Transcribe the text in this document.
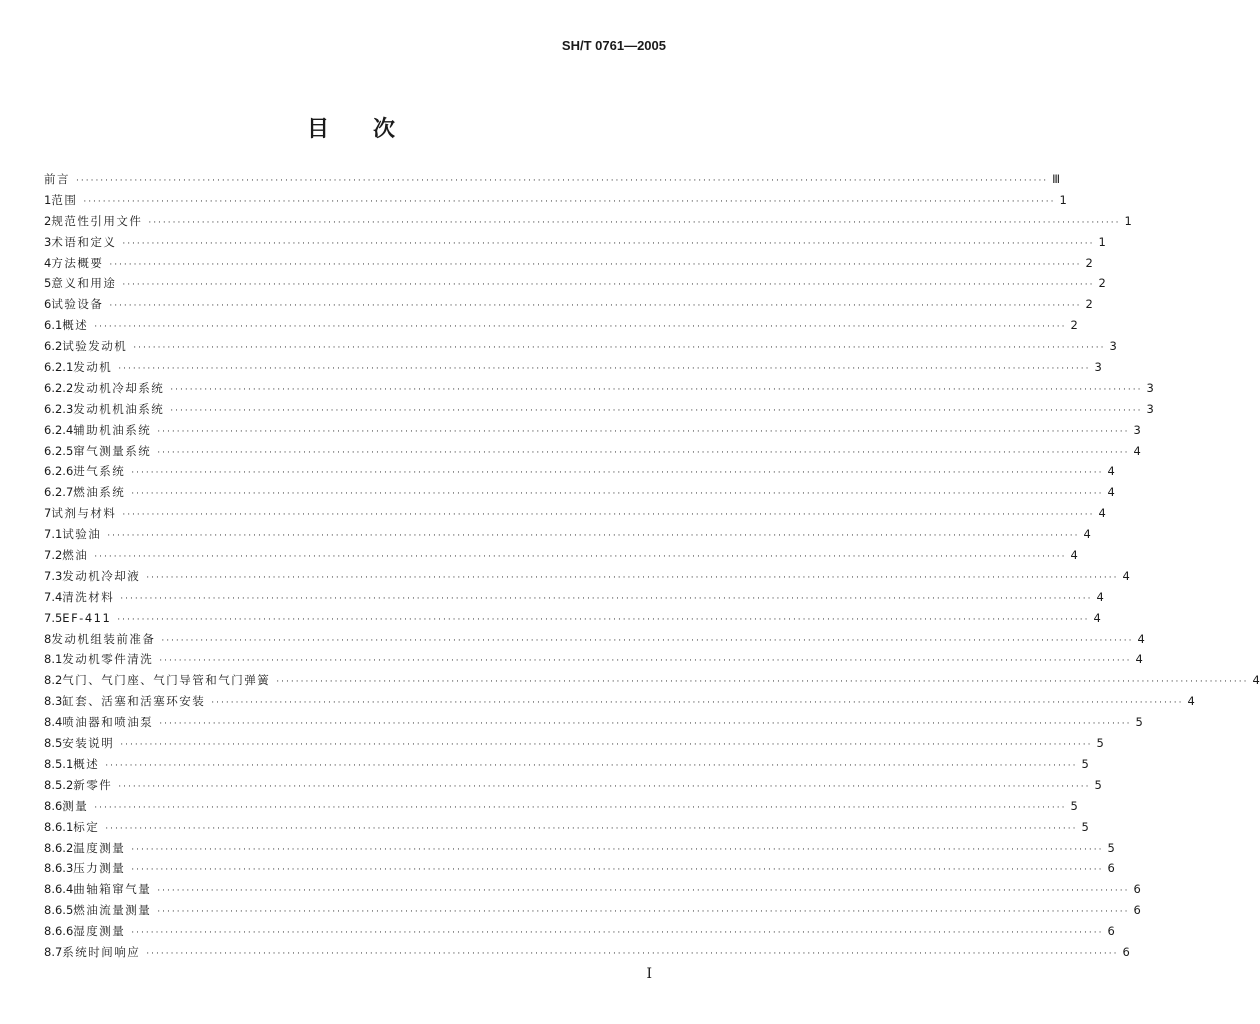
SH/T 0761—2005
目 次
前言 ········································································································································································································ Ⅲ
1 范围 ········································································································································································································ 1
2 规范性引用文件 ········································································································································································································ 1
3 术语和定义 ········································································································································································································ 1
4 方法概要 ········································································································································································································ 2
5 意义和用途 ········································································································································································································ 2
6 试验设备 ········································································································································································································ 2
6.1 概述 ········································································································································································································ 2
6.2 试验发动机 ········································································································································································································ 3
6.2.1 发动机 ········································································································································································································ 3
6.2.2 发动机冷却系统 ········································································································································································································ 3
6.2.3 发动机机油系统 ········································································································································································································ 3
6.2.4 辅助机油系统 ········································································································································································································ 3
6.2.5 窜气测量系统 ········································································································································································································ 4
6.2.6 进气系统 ········································································································································································································ 4
6.2.7 燃油系统 ········································································································································································································ 4
7 试剂与材料 ········································································································································································································ 4
7.1 试验油 ········································································································································································································ 4
7.2 燃油 ········································································································································································································ 4
7.3 发动机冷却液 ········································································································································································································ 4
7.4 清洗材料 ········································································································································································································ 4
7.5 EF-411 ········································································································································································································ 4
8 发动机组装前准备 ········································································································································································································ 4
8.1 发动机零件清洗 ········································································································································································································ 4
8.2 气门、气门座、气门导管和气门弹簧 ········································································································································································································ 4
8.3 缸套、活塞和活塞环安装 ········································································································································································································ 4
8.4 喷油器和喷油泵 ········································································································································································································ 5
8.5 安装说明 ········································································································································································································ 5
8.5.1 概述 ········································································································································································································ 5
8.5.2 新零件 ········································································································································································································ 5
8.6 测量 ········································································································································································································ 5
8.6.1 标定 ········································································································································································································ 5
8.6.2 温度测量 ········································································································································································································ 5
8.6.3 压力测量 ········································································································································································································ 6
8.6.4 曲轴箱窜气量 ········································································································································································································ 6
8.6.5 燃油流量测量 ········································································································································································································ 6
8.6.6 湿度测量 ········································································································································································································ 6
8.7 系统时间响应 ········································································································································································································ 6
I
